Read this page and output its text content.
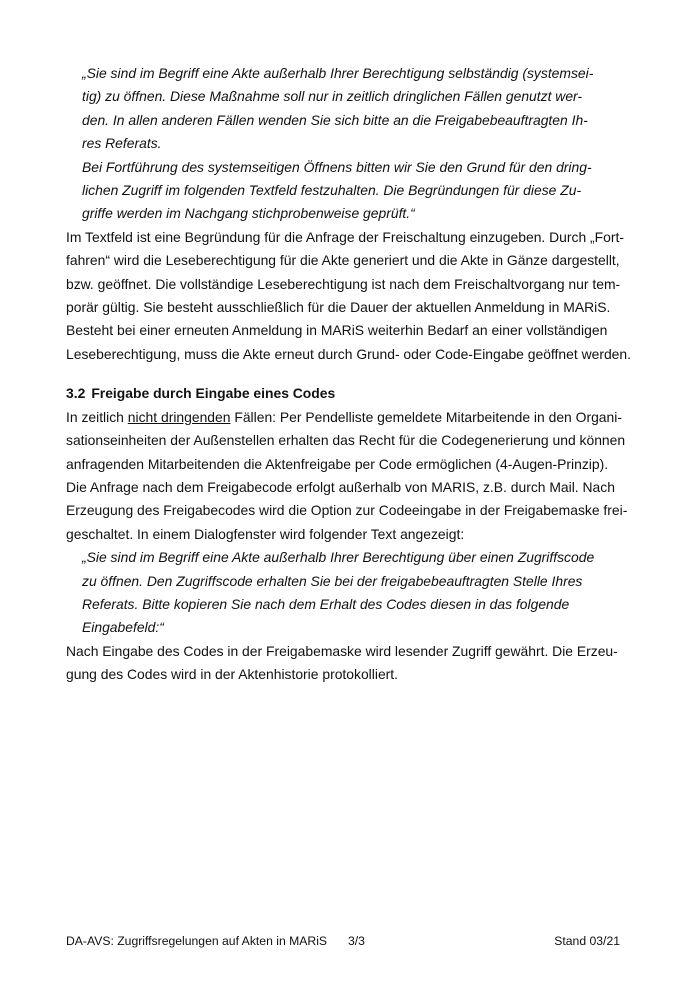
„Sie sind im Begriff eine Akte außerhalb Ihrer Berechtigung selbständig (systemsei-
tig) zu öffnen. Diese Maßnahme soll nur in zeitlich dringlichen Fällen genutzt wer-
den. In allen anderen Fällen wenden Sie sich bitte an die Freigabebeauftragten Ih-
res Referats.
Bei Fortführung des systemseitigen Öffnens bitten wir Sie den Grund für den dring-
lichen Zugriff im folgenden Textfeld festzuhalten. Die Begründungen für diese Zu-
griffe werden im Nachgang stichprobenweise geprüft.“
Im Textfeld ist eine Begründung für die Anfrage der Freischaltung einzugeben. Durch „Fort-
fahren“ wird die Leseberechtigung für die Akte generiert und die Akte in Gänze dargestellt,
bzw. geöffnet. Die vollständige Leseberechtigung ist nach dem Freischaltvorgang nur tem-
porär gültig. Sie besteht ausschließlich für die Dauer der aktuellen Anmeldung in MARiS.
Besteht bei einer erneuten Anmeldung in MARiS weiterhin Bedarf an einer vollständigen
Leseberechtigung, muss die Akte erneut durch Grund- oder Code-Eingabe geöffnet werden.
3.2 Freigabe durch Eingabe eines Codes
In zeitlich nicht dringenden Fällen: Per Pendelliste gemeldete Mitarbeitende in den Organi-
sationseinheiten der Außenstellen erhalten das Recht für die Codegenerierung und können
anfragenden Mitarbeitenden die Aktenfreigabe per Code ermöglichen (4-Augen-Prinzip).
Die Anfrage nach dem Freigabecode erfolgt außerhalb von MARIS, z.B. durch Mail. Nach
Erzeugung des Freigabecodes wird die Option zur Codeeingabe in der Freigabemaske frei-
geschaltet. In einem Dialogfenster wird folgender Text angezeigt:
„Sie sind im Begriff eine Akte außerhalb Ihrer Berechtigung über einen Zugriffscode
zu öffnen. Den Zugriffscode erhalten Sie bei der freigabebeauftragten Stelle Ihres
Referats. Bitte kopieren Sie nach dem Erhalt des Codes diesen in das folgende
Eingabefeld:“
Nach Eingabe des Codes in der Freigabemaske wird lesender Zugriff gewährt. Die Erzeu-
gung des Codes wird in der Aktenhistorie protokolliert.
DA-AVS: Zugriffsregelungen auf Akten in MARiS 3/3	Stand 03/21
